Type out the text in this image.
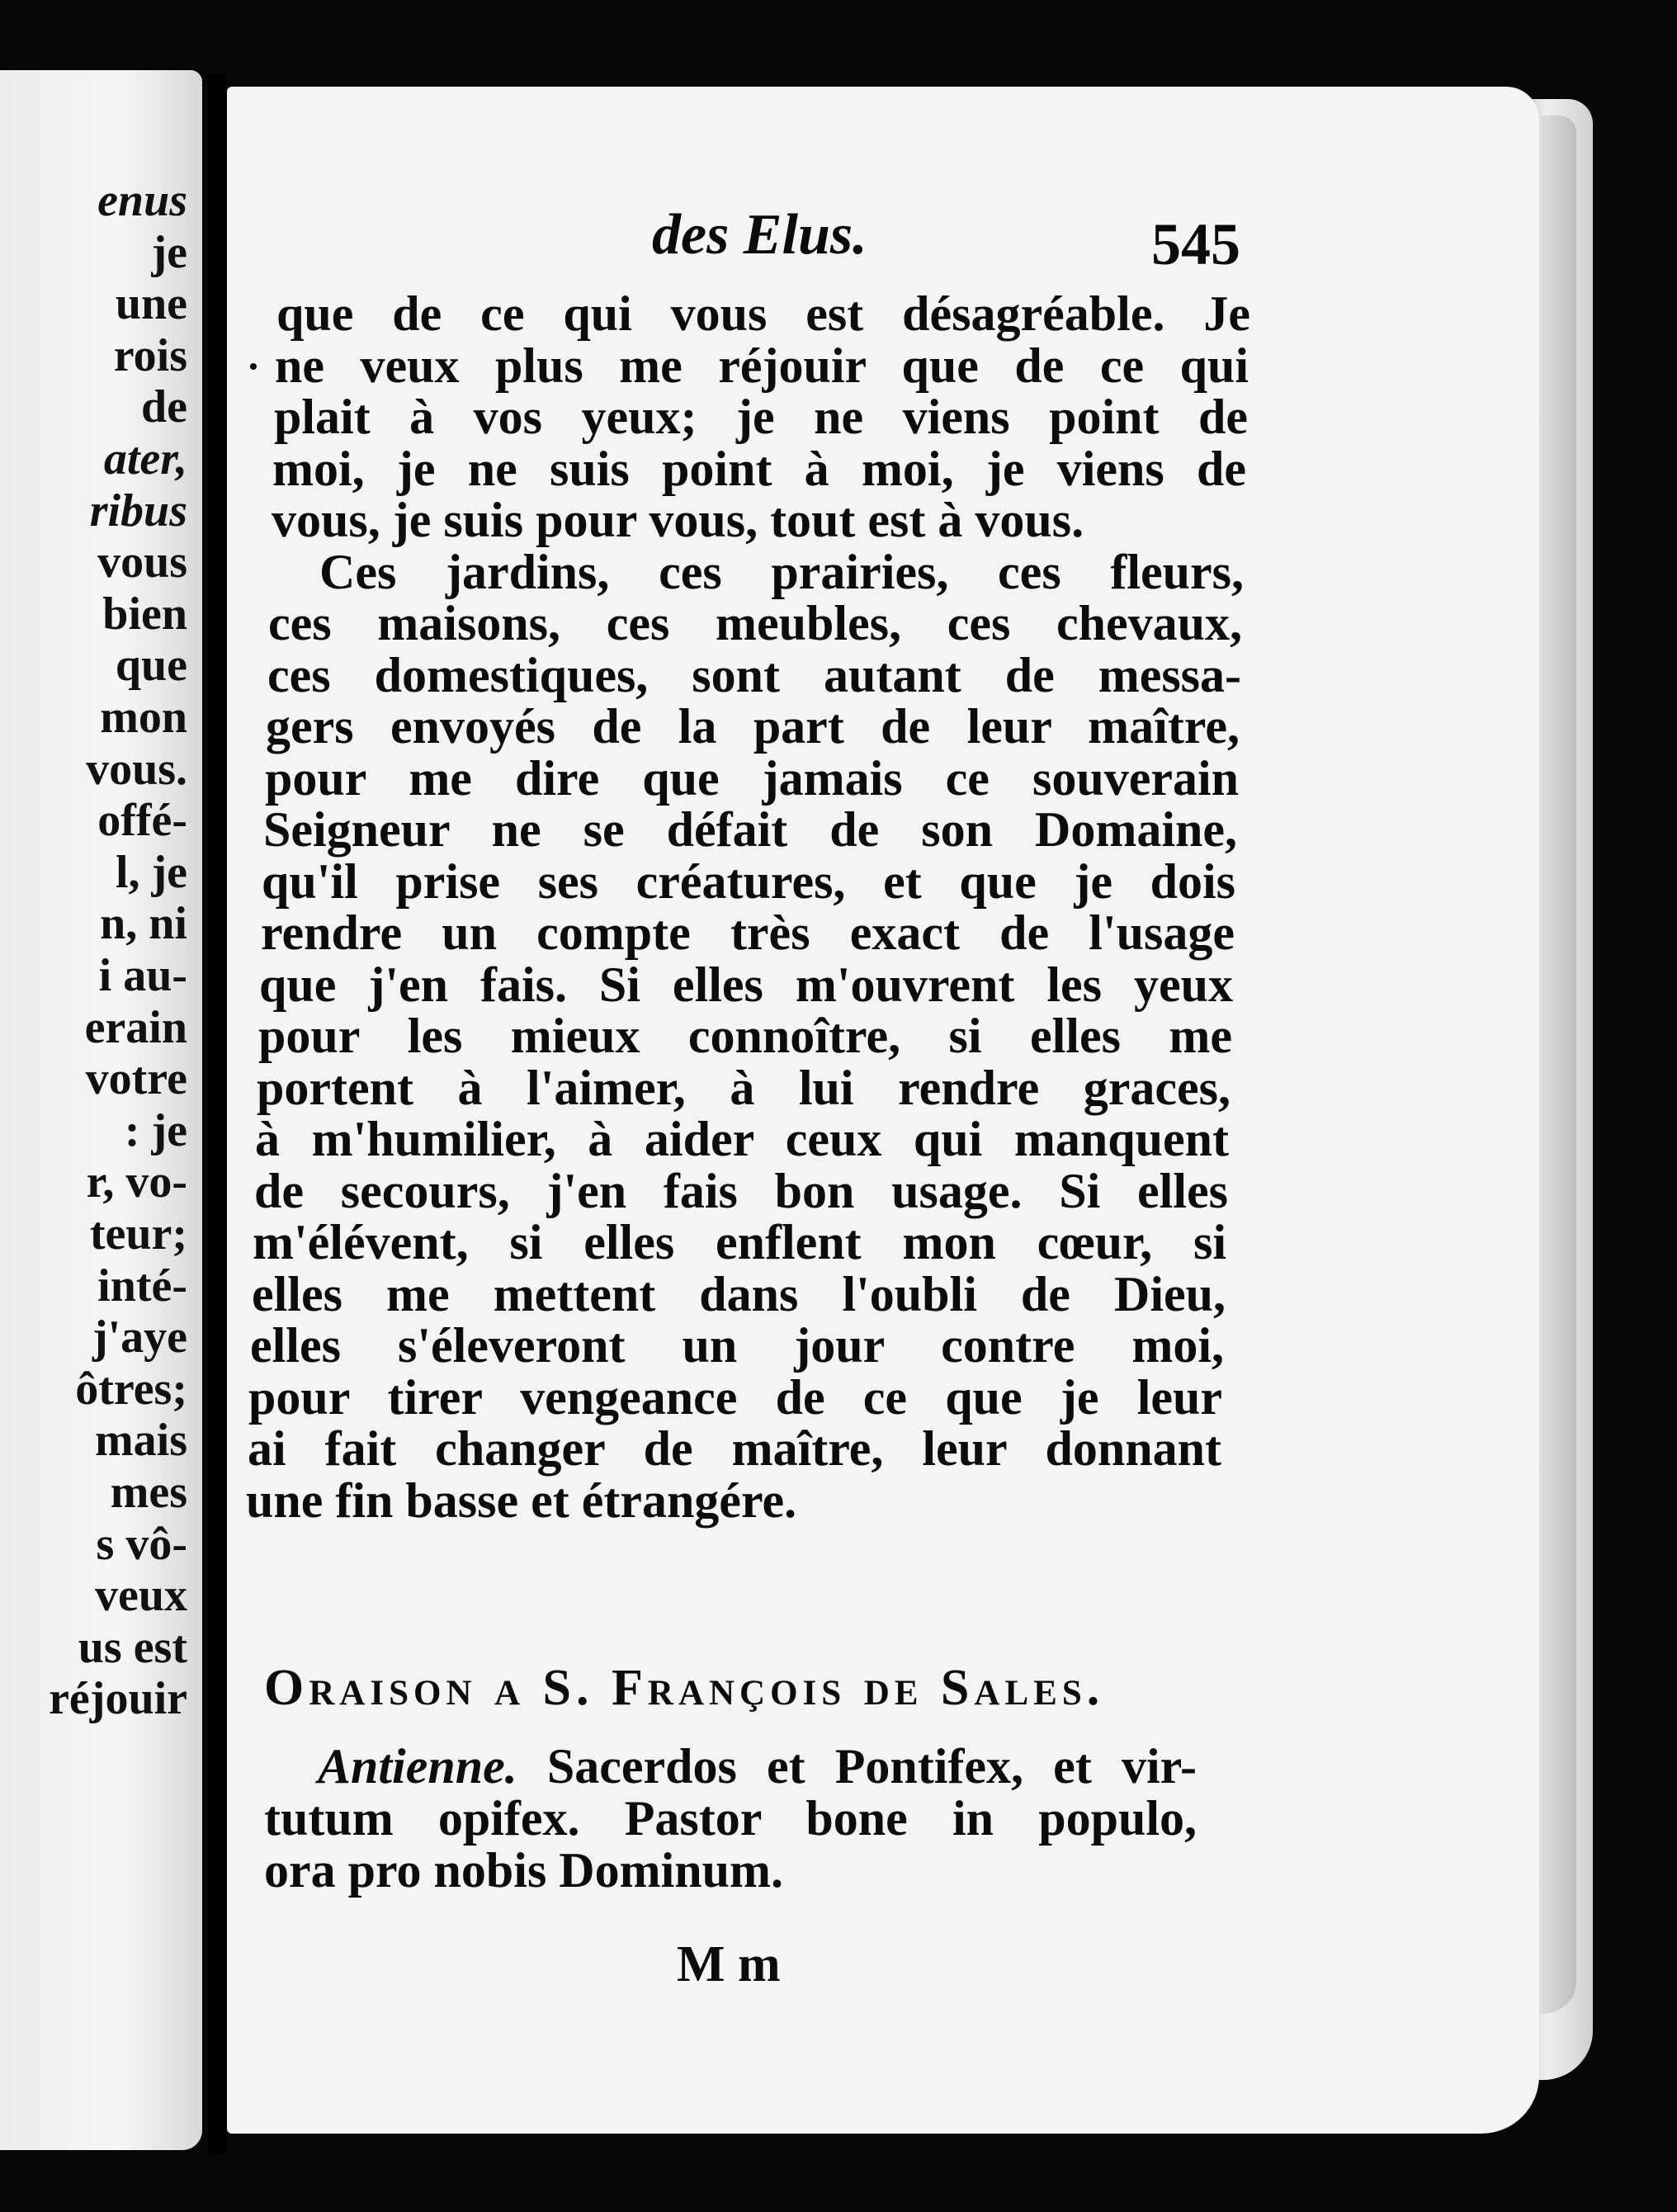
enus
je
une
rois
de
ater,
ribus
vous
bien
que
mon
vous.
offé-
l, je
n, ni
i au-
erain
votre
: je
r, vo-
teur;
inté-
j'aye
ôtres;
mais
mes
s vô-
veux
us est
réjouir
des Elus.	545
que de ce qui vous est désagréable. Je
ne veux plus me réjouir que de ce qui
plait à vos yeux; je ne viens point de
moi, je ne suis point à moi, je viens de
vous, je suis pour vous, tout est à vous.
Ces jardins, ces prairies, ces fleurs,
ces maisons, ces meubles, ces chevaux,
ces domestiques, sont autant de messa-
gers envoyés de la part de leur maître,
pour me dire que jamais ce souverain
Seigneur ne se défait de son Domaine,
qu'il prise ses créatures, et que je dois
rendre un compte très exact de l'usage
que j'en fais. Si elles m'ouvrent les yeux
pour les mieux connoître, si elles me
portent à l'aimer, à lui rendre graces,
à m'humilier, à aider ceux qui manquent
de secours, j'en fais bon usage. Si elles
m'élévent, si elles enflent mon cœur, si
elles me mettent dans l'oubli de Dieu,
elles s'éleveront un jour contre moi,
pour tirer vengeance de ce que je leur
ai fait changer de maître, leur donnant
une fin basse et étrangére.
Oraison a S. François de Sales.
Antienne. Sacerdos et Pontifex, et vir-
tutum opifex. Pastor bone in populo,
ora pro nobis Dominum.
M m
